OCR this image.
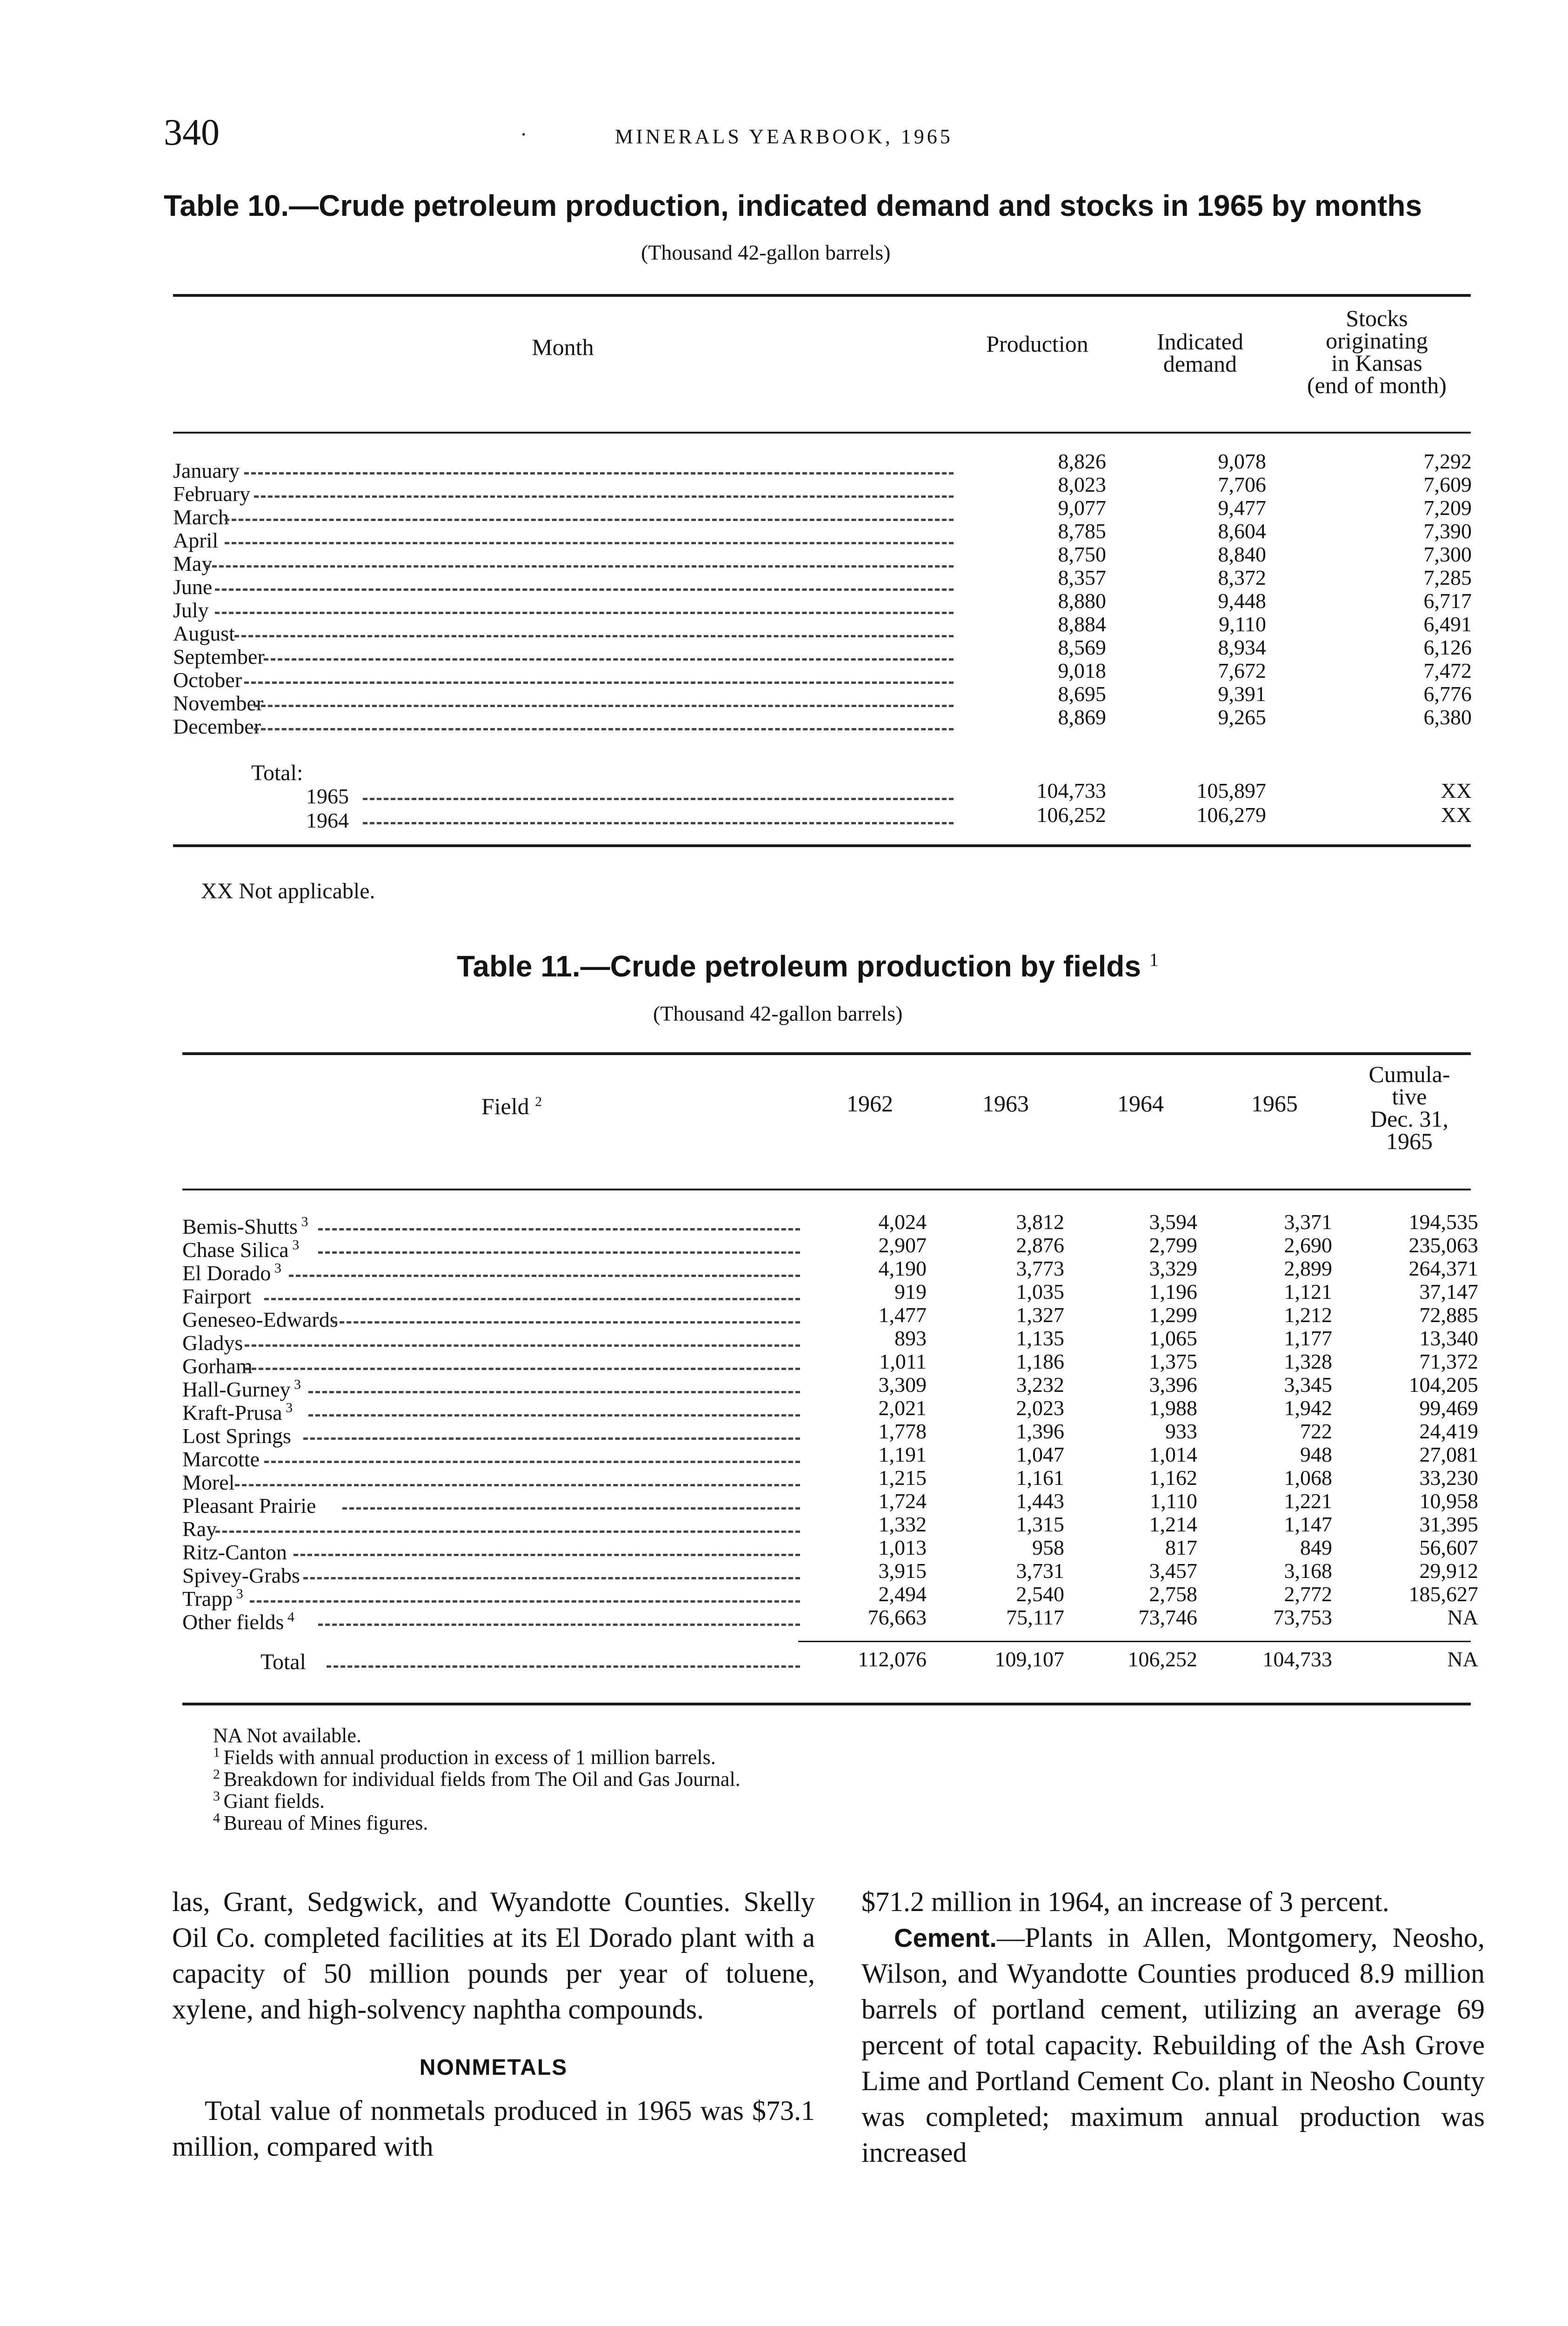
340	·	MINERALS YEARBOOK, 1965
Table 10.—Crude petroleum production, indicated demand and stocks in 1965 by months
(Thousand 42-gallon barrels)
Month	Production	Indicated
demand
Stocks
originating
in Kansas
(end of month)
January	8,826	9,078	7,292
February	8,023	7,706	7,609
March	9,077	9,477	7,209
April	8,785	8,604	7,390
May	8,750	8,840	7,300
June	8,357	8,372	7,285
July	8,880	9,448	6,717
August	8,884	9,110	6,491
September	8,569	8,934	6,126
October	9,018	7,672	7,472
November	8,695	9,391	6,776
December	8,869	9,265	6,380
Total:
1965	104,733	105,897	XX
1964	106,252	106,279	XX
XX Not applicable.
Table 11.—Crude petroleum production by fields $^1$
(Thousand 42-gallon barrels)
Field $^2$	1962	1963	1964	1965
Cumula-
tive
Dec. 31,
1965
Bemis-Shutts $^3$	4,024	3,812	3,594	3,371	194,535
Chase Silica $^3$	2,907	2,876	2,799	2,690	235,063
El Dorado $^3$	4,190	3,773	3,329	2,899	264,371
Fairport	919	1,035	1,196	1,121	37,147
Geneseo-Edwards	1,477	1,327	1,299	1,212	72,885
Gladys	893	1,135	1,065	1,177	13,340
Gorham	1,011	1,186	1,375	1,328	71,372
Hall-Gurney $^3$	3,309	3,232	3,396	3,345	104,205
Kraft-Prusa $^3$	2,021	2,023	1,988	1,942	99,469
Lost Springs	1,778	1,396	933	722	24,419
Marcotte	1,191	1,047	1,014	948	27,081
Morel	1,215	1,161	1,162	1,068	33,230
Pleasant Prairie	1,724	1,443	1,110	1,221	10,958
Ray	1,332	1,315	1,214	1,147	31,395
Ritz-Canton	1,013	958	817	849	56,607
Spivey-Grabs	3,915	3,731	3,457	3,168	29,912
Trapp $^3$	2,494	2,540	2,758	2,772	185,627
Other fields $^4$	76,663	75,117	73,746	73,753	NA
Total	112,076	109,107	106,252	104,733	NA
NA Not available.
$^1$ Fields with annual production in excess of 1 million barrels.
$^2$ Breakdown for individual fields from The Oil and Gas Journal.
$^3$ Giant fields.
$^4$ Bureau of Mines figures.

las, Grant, Sedgwick, and Wyandotte Counties. Skelly Oil Co. completed facilities at its El Dorado plant with a capacity of 50 million pounds per year of toluene, xylene, and high-solvency naphtha compounds.

NONMETALS

Total value of nonmetals produced in 1965 was $73.1 million, compared with

$71.2 million in 1964, an increase of 3 percent.

Cement.—Plants in Allen, Montgomery, Neosho, Wilson, and Wyandotte Counties produced 8.9 million barrels of portland cement, utilizing an average 69 percent of total capacity. Rebuilding of the Ash Grove Lime and Portland Cement Co. plant in Neosho County was completed; maximum annual production was increased
